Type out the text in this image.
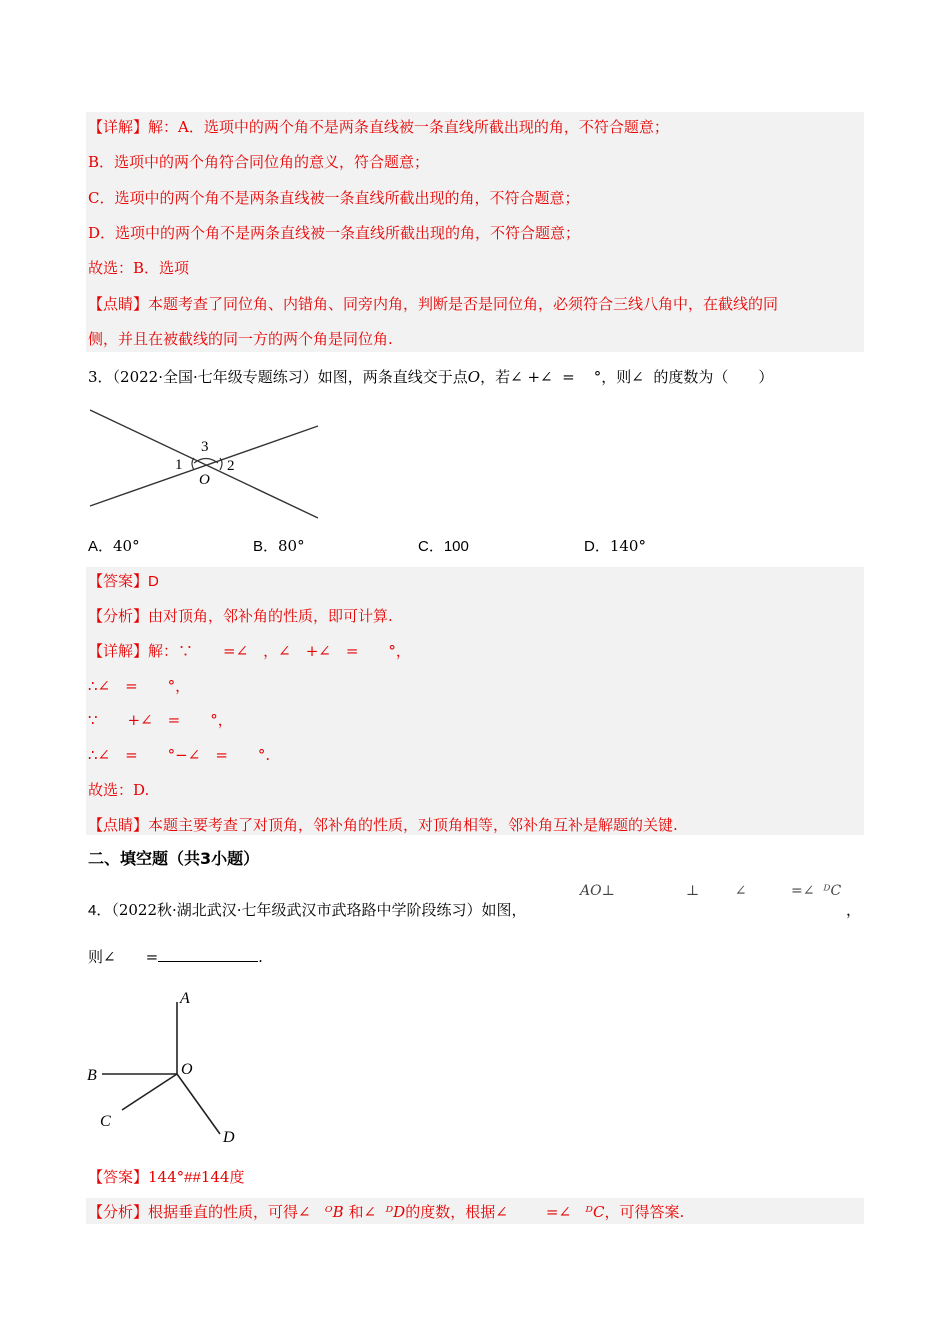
【详解】解：A．选项中的两个角不是两条直线被一条直线所截出现的角，不符合题意；
B．选项中的两个角符合同位角的意义，符合题意；
C．选项中的两个角不是两条直线被一条直线所截出现的角，不符合题意；
D．选项中的两个角不是两条直线被一条直线所截出现的角，不符合题意；
故选：B．选项
【点睛】本题考查了同位角、内错角、同旁内角，判断是否是同位角，必须符合三线八角中，在截线的同
侧，并且在被截线的同一方的两个角是同位角.
3．（2022·全国·七年级专题练习）如图，两条直线交于点O，若∠ +∠ = °，则∠ 的度数为（　　）
3
1	2
O
A．40°	B．80°	C．100	D．140°
【答案】D
【分析】由对顶角，邻补角的性质，即可计算.
【详解】解：∵　　=∠　，∠　+∠　=　　°，
∴∠　=　　°，
∵　　+∠　=　　°，
∴∠　=　　°−∠　=　　°.
故选：D.
【点睛】本题主要考查了对顶角，邻补角的性质，对顶角相等，邻补角互补是解题的关键.
二、填空题（共3小题）
AO⊥	⊥	∠	=∠ ᴰC
4．（2022秋·湖北武汉·七年级武汉市武珞路中学阶段练习）如图，	，
则∠　　=	.
A
B
C
D
O
【答案】144°##144度
【分析】根据垂直的性质，可得∠ ᴼB 和∠ ᴰD的度数，根据∠	=∠ ᴰC，可得答案.
